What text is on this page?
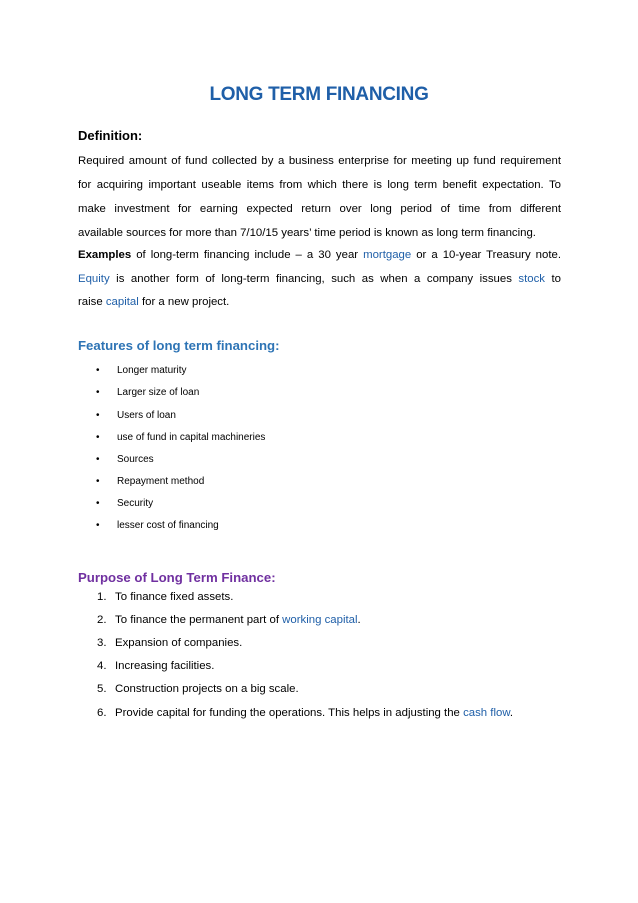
LONG TERM FINANCING
Definition:
Required amount of fund collected by a business enterprise for meeting up fund requirement
for acquiring important useable items from which there is long term benefit expectation. To
make investment for earning expected return over long period of time from different
available sources for more than 7/10/15 years’ time period is known as long term financing.
Examples of long-term financing include – a 30 year mortgage or a 10-year Treasury note.
Equity is another form of long-term financing, such as when a company issues stock to
raise capital for a new project.
Features of long term financing:
• Longer maturity
• Larger size of loan
• Users of loan
• use of fund in capital machineries
• Sources
• Repayment method
• Security
• lesser cost of financing
Purpose of Long Term Finance:
1. To finance fixed assets.
2. To finance the permanent part of working capital.
3. Expansion of companies.
4. Increasing facilities.
5. Construction projects on a big scale.
6. Provide capital for funding the operations. This helps in adjusting the cash flow.
